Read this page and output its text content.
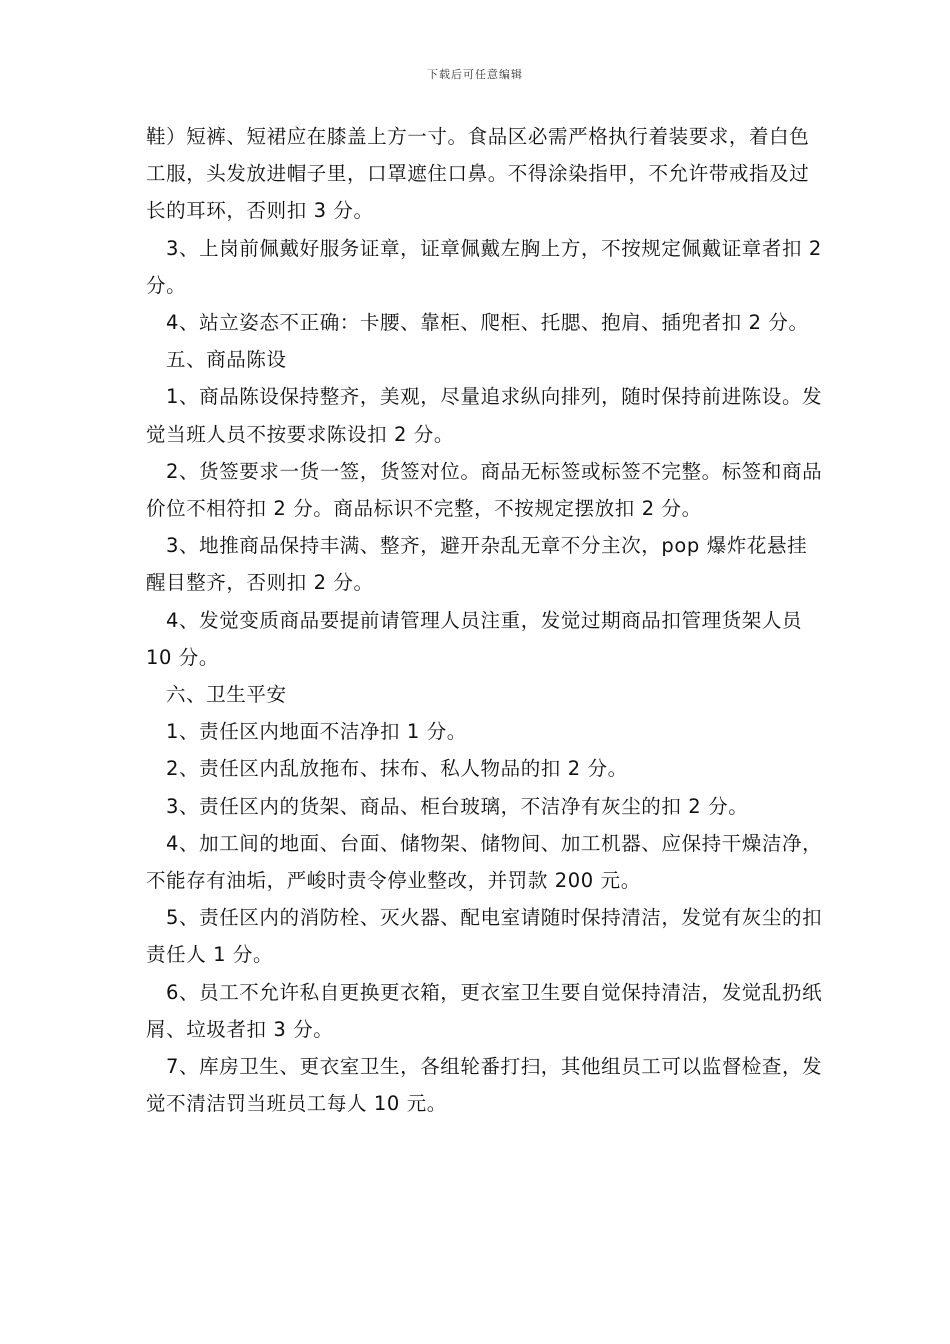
下载后可任意编辑

鞋）短裤、短裙应在膝盖上方一寸。食品区必需严格执行着装要求，着白色工服，头发放进帽子里，口罩遮住口鼻。不得涂染指甲，不允许带戒指及过长的耳环，否则扣 3 分。

3、上岗前佩戴好服务证章，证章佩戴左胸上方，不按规定佩戴证章者扣 2 分。

4、站立姿态不正确：卡腰、靠柜、爬柜、托腮、抱肩、插兜者扣 2 分。

五、商品陈设

1、商品陈设保持整齐，美观，尽量追求纵向排列，随时保持前进陈设。发觉当班人员不按要求陈设扣 2 分。

2、货签要求一货一签，货签对位。商品无标签或标签不完整。标签和商品价位不相符扣 2 分。商品标识不完整，不按规定摆放扣 2 分。

3、地推商品保持丰满、整齐，避开杂乱无章不分主次，pop 爆炸花悬挂醒目整齐，否则扣 2 分。

4、发觉变质商品要提前请管理人员注重，发觉过期商品扣管理货架人员 10 分。

六、卫生平安

1、责任区内地面不洁净扣 1 分。

2、责任区内乱放拖布、抹布、私人物品的扣 2 分。

3、责任区内的货架、商品、柜台玻璃，不洁净有灰尘的扣 2 分。

4、加工间的地面、台面、储物架、储物间、加工机器、应保持干燥洁净，不能存有油垢，严峻时责令停业整改，并罚款 200 元。

5、责任区内的消防栓、灭火器、配电室请随时保持清洁，发觉有灰尘的扣责任人 1 分。

6、员工不允许私自更换更衣箱，更衣室卫生要自觉保持清洁，发觉乱扔纸屑、垃圾者扣 3 分。

7、库房卫生、更衣室卫生，各组轮番打扫，其他组员工可以监督检查，发觉不清洁罚当班员工每人 10 元。
